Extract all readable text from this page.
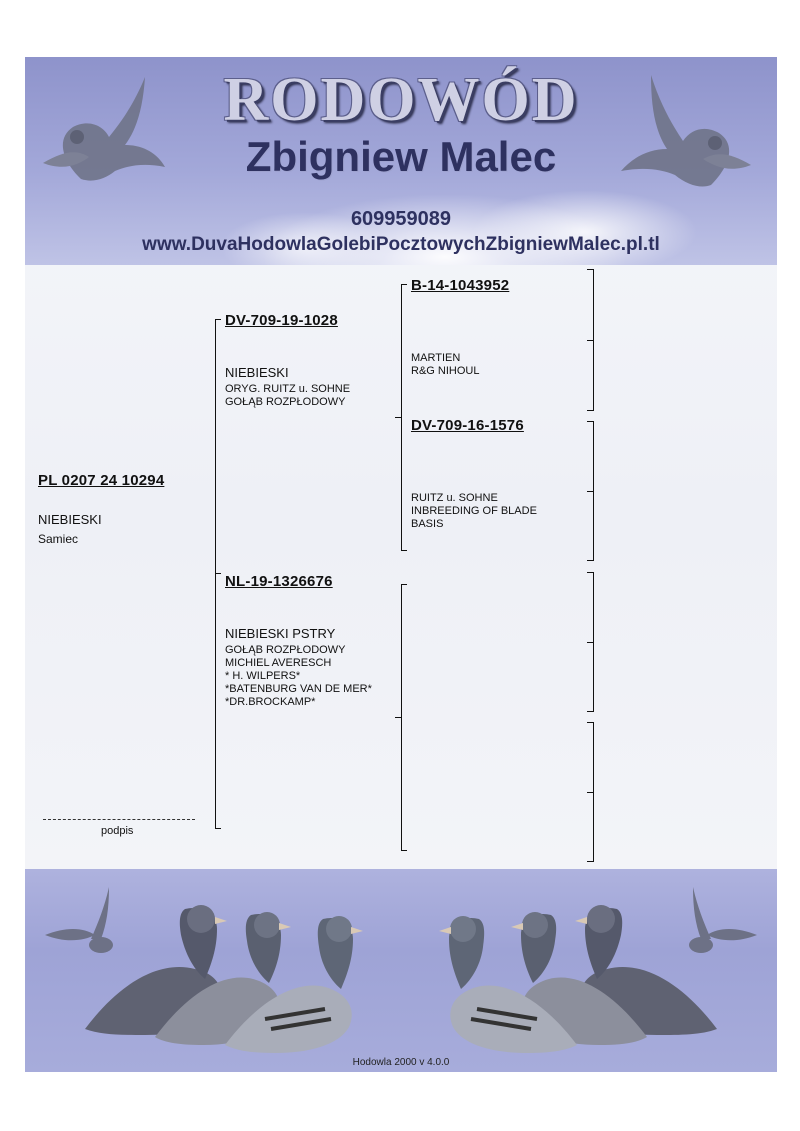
RODOWÓD
Zbigniew Malec
609959089
www.DuvaHodowlaGolebiPocztowychZbigniewMalec.pl.tl
PL 0207 24 10294
NIEBIESKI
Samiec
DV-709-19-1028
NIEBIESKI
ORYG. RUITZ u. SOHNE
GOŁĄB ROZPŁODOWY
B-14-1043952
MARTIEN
R&G NIHOUL
DV-709-16-1576
RUITZ u. SOHNE
INBREEDING OF BLADE
BASIS
NL-19-1326676
NIEBIESKI PSTRY
GOŁĄB ROZPŁODOWY
MICHIEL AVERESCH
* H. WILPERS*
*BATENBURG VAN DE MER*
*DR.BROCKAMP*
podpis
Hodowla 2000 v 4.0.0
